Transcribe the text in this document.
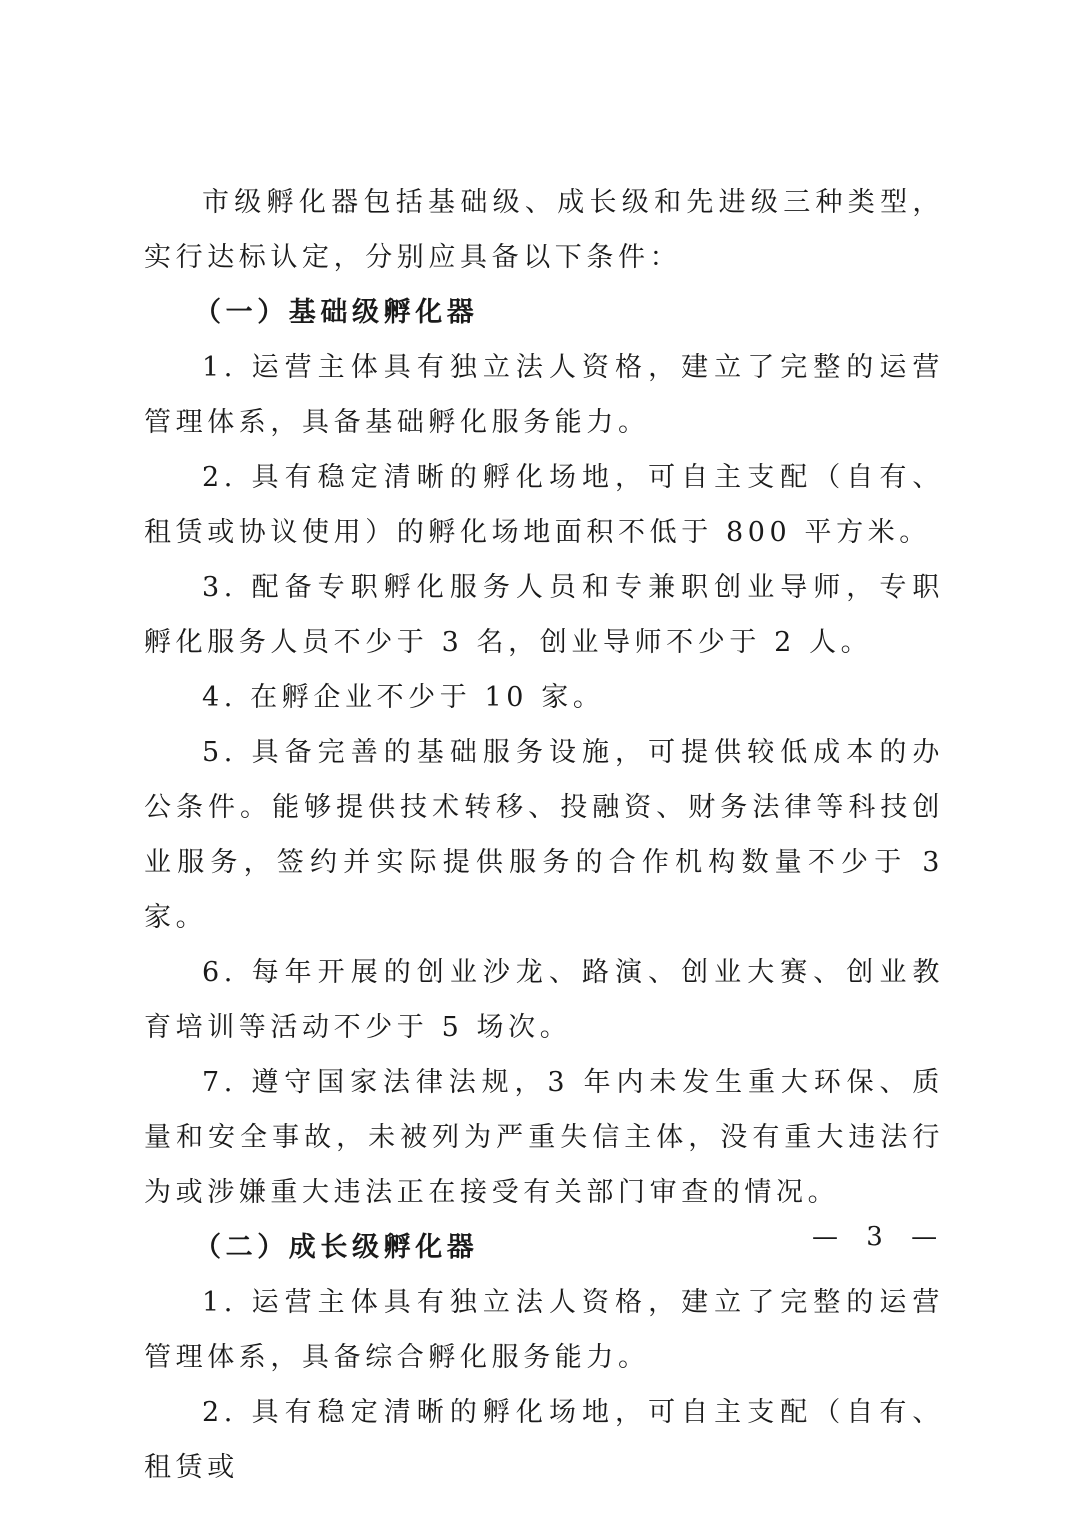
市级孵化器包括基础级、成长级和先进级三种类型，实行达标认定，分别应具备以下条件：

（一）基础级孵化器

1. 运营主体具有独立法人资格，建立了完整的运营管理体系，具备基础孵化服务能力。

2. 具有稳定清晰的孵化场地，可自主支配（自有、租赁或协议使用）的孵化场地面积不低于 800 平方米。

3. 配备专职孵化服务人员和专兼职创业导师，专职孵化服务人员不少于 3 名，创业导师不少于 2 人。

4. 在孵企业不少于 10 家。

5. 具备完善的基础服务设施，可提供较低成本的办公条件。能够提供技术转移、投融资、财务法律等科技创业服务，签约并实际提供服务的合作机构数量不少于 3 家。

6. 每年开展的创业沙龙、路演、创业大赛、创业教育培训等活动不少于 5 场次。

7. 遵守国家法律法规，3 年内未发生重大环保、质量和安全事故，未被列为严重失信主体，没有重大违法行为或涉嫌重大违法正在接受有关部门审查的情况。

（二）成长级孵化器

1. 运营主体具有独立法人资格，建立了完整的运营管理体系，具备综合孵化服务能力。

2. 具有稳定清晰的孵化场地，可自主支配（自有、租赁或

— 3 —
